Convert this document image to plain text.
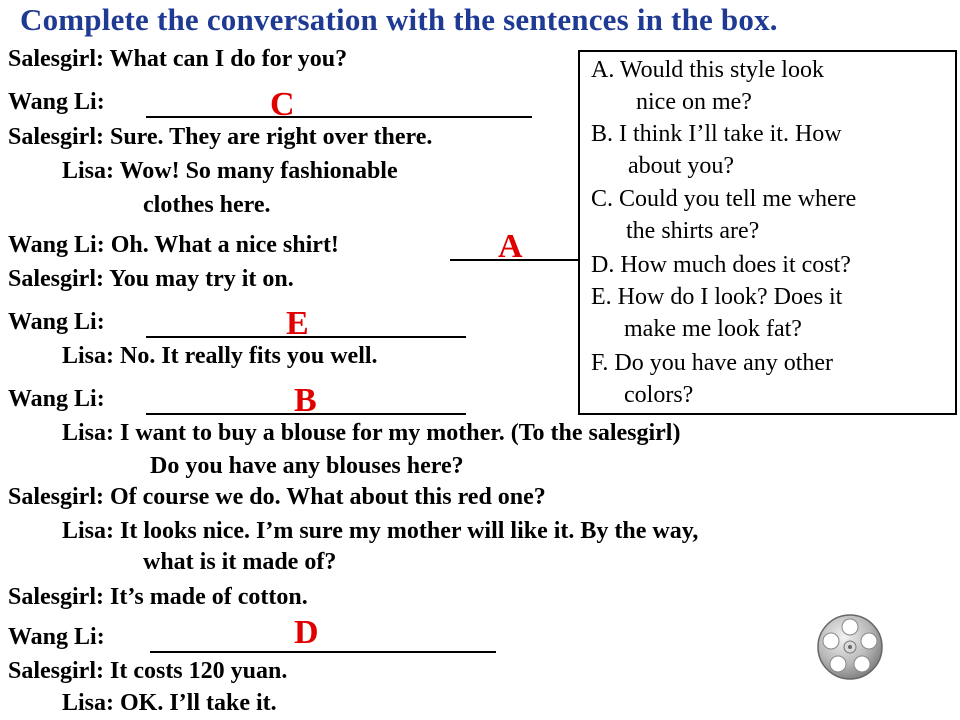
Complete the conversation with the sentences in the box.
Salesgirl: What can I do for you?
Wang Li:	C
Salesgirl: Sure. They are right over there.
Lisa: Wow! So many fashionable
clothes here.
Wang Li: Oh. What a nice shirt!	A
Salesgirl: You may try it on.
Wang Li:	E
Lisa: No. It really fits you well.
Wang Li:	B
Lisa: I want to buy a blouse for my mother. (To the salesgirl)
Do you have any blouses here?
Salesgirl: Of course we do. What about this red one?
Lisa: It looks nice. I’m sure my mother will like it. By the way,
what is it made of?
Salesgirl: It’s made of cotton.
Wang Li:	D
Salesgirl: It costs 120 yuan.
Lisa: OK. I’ll take it.
A. Would this style look
nice on me?
B. I think I’ll take it. How
about you?
C. Could you tell me where
the shirts are?
D. How much does it cost?
E. How do I look? Does it
make me look fat?
F. Do you have any other
colors?
